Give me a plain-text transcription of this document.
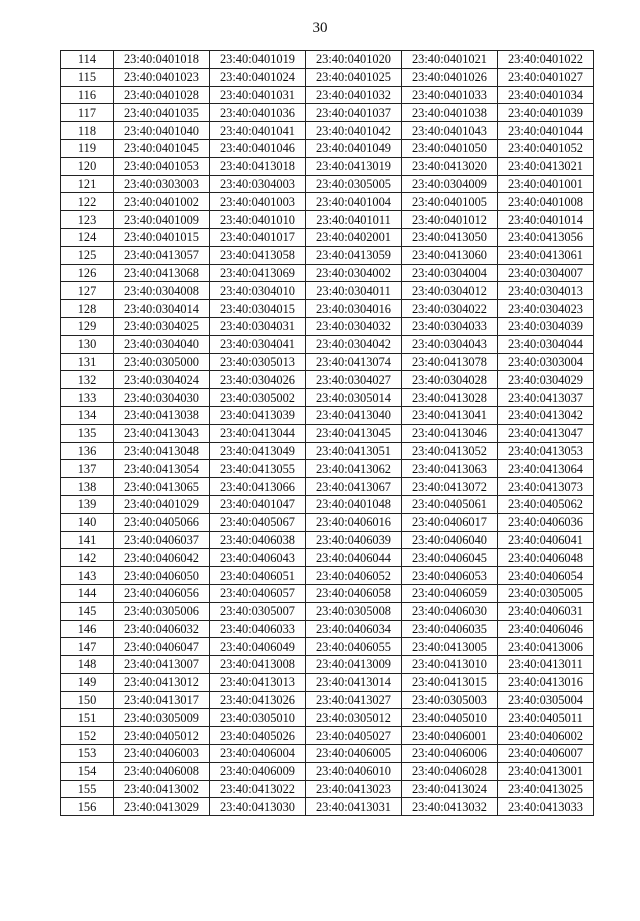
30
114	23:40:0401018	23:40:0401019	23:40:0401020	23:40:0401021	23:40:0401022
115	23:40:0401023	23:40:0401024	23:40:0401025	23:40:0401026	23:40:0401027
116	23:40:0401028	23:40:0401031	23:40:0401032	23:40:0401033	23:40:0401034
117	23:40:0401035	23:40:0401036	23:40:0401037	23:40:0401038	23:40:0401039
118	23:40:0401040	23:40:0401041	23:40:0401042	23:40:0401043	23:40:0401044
119	23:40:0401045	23:40:0401046	23:40:0401049	23:40:0401050	23:40:0401052
120	23:40:0401053	23:40:0413018	23:40:0413019	23:40:0413020	23:40:0413021
121	23:40:0303003	23:40:0304003	23:40:0305005	23:40:0304009	23:40:0401001
122	23:40:0401002	23:40:0401003	23:40:0401004	23:40:0401005	23:40:0401008
123	23:40:0401009	23:40:0401010	23:40:0401011	23:40:0401012	23:40:0401014
124	23:40:0401015	23:40:0401017	23:40:0402001	23:40:0413050	23:40:0413056
125	23:40:0413057	23:40:0413058	23:40:0413059	23:40:0413060	23:40:0413061
126	23:40:0413068	23:40:0413069	23:40:0304002	23:40:0304004	23:40:0304007
127	23:40:0304008	23:40:0304010	23:40:0304011	23:40:0304012	23:40:0304013
128	23:40:0304014	23:40:0304015	23:40:0304016	23:40:0304022	23:40:0304023
129	23:40:0304025	23:40:0304031	23:40:0304032	23:40:0304033	23:40:0304039
130	23:40:0304040	23:40:0304041	23:40:0304042	23:40:0304043	23:40:0304044
131	23:40:0305000	23:40:0305013	23:40:0413074	23:40:0413078	23:40:0303004
132	23:40:0304024	23:40:0304026	23:40:0304027	23:40:0304028	23:40:0304029
133	23:40:0304030	23:40:0305002	23:40:0305014	23:40:0413028	23:40:0413037
134	23:40:0413038	23:40:0413039	23:40:0413040	23:40:0413041	23:40:0413042
135	23:40:0413043	23:40:0413044	23:40:0413045	23:40:0413046	23:40:0413047
136	23:40:0413048	23:40:0413049	23:40:0413051	23:40:0413052	23:40:0413053
137	23:40:0413054	23:40:0413055	23:40:0413062	23:40:0413063	23:40:0413064
138	23:40:0413065	23:40:0413066	23:40:0413067	23:40:0413072	23:40:0413073
139	23:40:0401029	23:40:0401047	23:40:0401048	23:40:0405061	23:40:0405062
140	23:40:0405066	23:40:0405067	23:40:0406016	23:40:0406017	23:40:0406036
141	23:40:0406037	23:40:0406038	23:40:0406039	23:40:0406040	23:40:0406041
142	23:40:0406042	23:40:0406043	23:40:0406044	23:40:0406045	23:40:0406048
143	23:40:0406050	23:40:0406051	23:40:0406052	23:40:0406053	23:40:0406054
144	23:40:0406056	23:40:0406057	23:40:0406058	23:40:0406059	23:40:0305005
145	23:40:0305006	23:40:0305007	23:40:0305008	23:40:0406030	23:40:0406031
146	23:40:0406032	23:40:0406033	23:40:0406034	23:40:0406035	23:40:0406046
147	23:40:0406047	23:40:0406049	23:40:0406055	23:40:0413005	23:40:0413006
148	23:40:0413007	23:40:0413008	23:40:0413009	23:40:0413010	23:40:0413011
149	23:40:0413012	23:40:0413013	23:40:0413014	23:40:0413015	23:40:0413016
150	23:40:0413017	23:40:0413026	23:40:0413027	23:40:0305003	23:40:0305004
151	23:40:0305009	23:40:0305010	23:40:0305012	23:40:0405010	23:40:0405011
152	23:40:0405012	23:40:0405026	23:40:0405027	23:40:0406001	23:40:0406002
153	23:40:0406003	23:40:0406004	23:40:0406005	23:40:0406006	23:40:0406007
154	23:40:0406008	23:40:0406009	23:40:0406010	23:40:0406028	23:40:0413001
155	23:40:0413002	23:40:0413022	23:40:0413023	23:40:0413024	23:40:0413025
156	23:40:0413029	23:40:0413030	23:40:0413031	23:40:0413032	23:40:0413033
